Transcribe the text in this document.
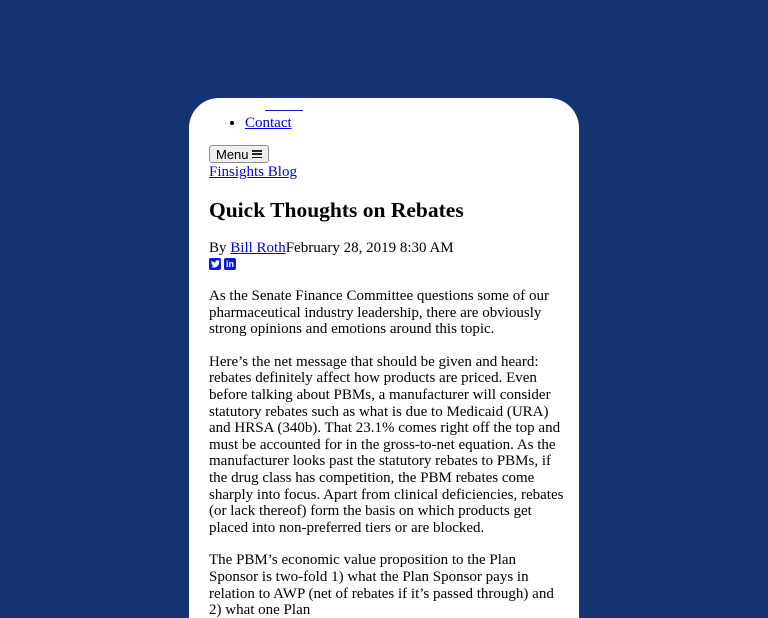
• Contact
Menu
Finsights Blog
Quick Thoughts on Rebates
By Bill RothFebruary 28, 2019 8:30 AM
in

As the Senate Finance Committee questions some of our pharmaceutical industry leadership, there are obviously strong opinions and emotions around this topic.

Here’s the net message that should be given and heard: rebates definitely affect how products are priced. Even before talking about PBMs, a manufacturer will consider statutory rebates such as what is due to Medicaid (URA) and HRSA (340b). That 23.1% comes right off the top and must be accounted for in the gross-to-net equation. As the manufacturer looks past the statutory rebates to PBMs, if the drug class has competition, the PBM rebates come sharply into focus. Apart from clinical deficiencies, rebates (or lack thereof) form the basis on which products get placed into non-preferred tiers or are blocked.

The PBM’s economic value proposition to the Plan Sponsor is two-fold 1) what the Plan Sponsor pays in relation to AWP (net of rebates if it’s passed through) and 2) what one Plan
